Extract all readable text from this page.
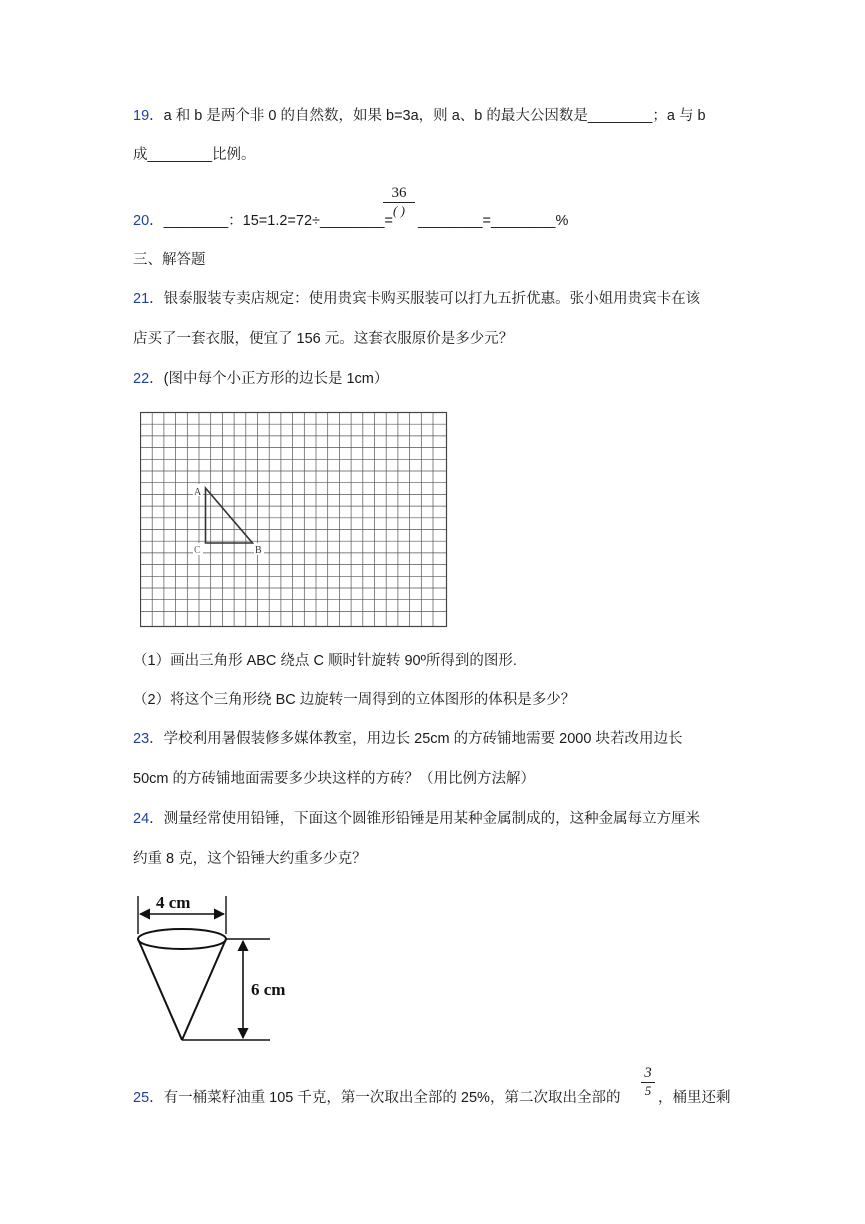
19．a 和 b 是两个非 0 的自然数，如果 b=3a，则 a、b 的最大公因数是________；a 与 b
成________比例。
20．________：15=1.2=72÷________=
36
( )
________=________%
三、解答题
21．银泰服装专卖店规定：使用贵宾卡购买服装可以打九五折优惠。张小姐用贵宾卡在该
店买了一套衣服，便宜了 156 元。这套衣服原价是多少元？
22．(图中每个小正方形的边长是 1cm）
A
C	B
（1）画出三角形 ABC 绕点 C 顺时针旋转 90º所得到的图形.
（2）将这个三角形绕 BC 边旋转一周得到的立体图形的体积是多少？
23．学校利用暑假装修多媒体教室，用边长 25cm 的方砖铺地需要 2000 块若改用边长
50cm 的方砖铺地面需要多少块这样的方砖？（用比例方法解）
24．测量经常使用铅锤，下面这个圆锥形铅锤是用某种金属制成的，这种金属每立方厘米
约重 8 克，这个铅锤大约重多少克？
4 cm
6 cm
25．有一桶菜籽油重 105 千克，第一次取出全部的 25%，第二次取出全部的
3
5 ，桶里还剩
